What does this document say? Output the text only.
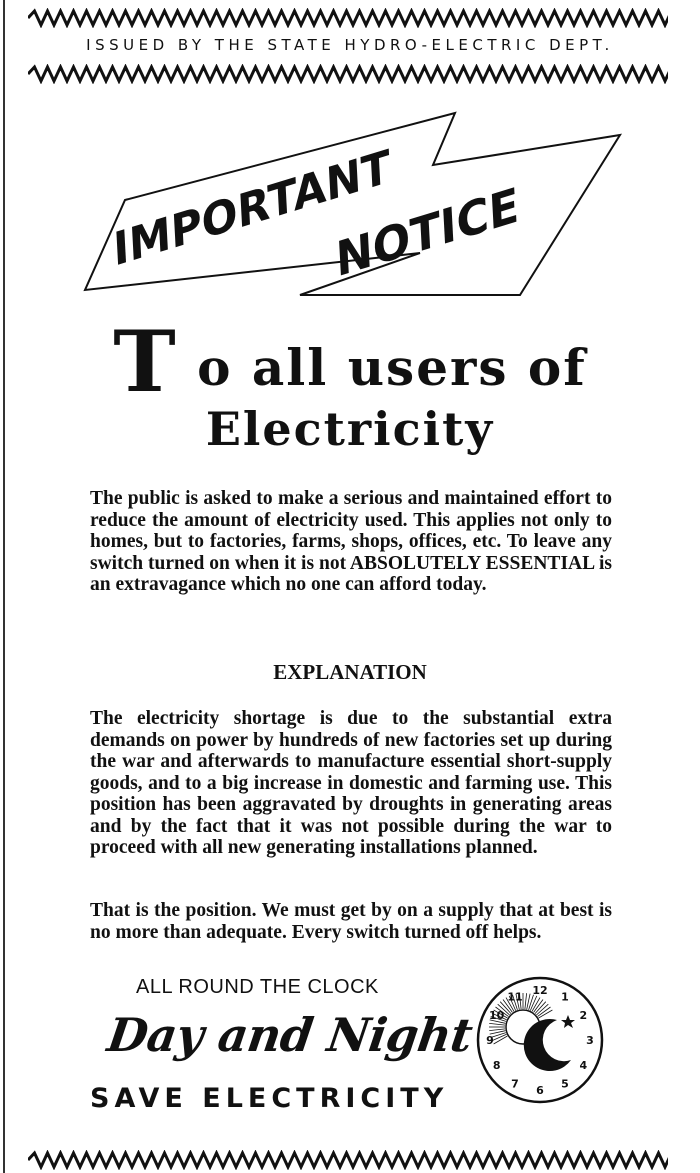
ISSUED BY THE STATE HYDRO-ELECTRIC DEPT.
IMPORTANT
NOTICE
T o all users of
Electricity
The public is asked to make a serious and maintained effort to reduce the amount of electricity used. This applies not only to homes, but to factories, farms, shops, offices, etc. To leave any switch turned on when it is not ABSOLUTELY ESSENTIAL is an extravagance which no one can afford today.
EXPLANATION
The electricity shortage is due to the substantial extra demands on power by hundreds of new factories set up during the war and afterwards to manufacture essential short-supply goods, and to a big increase in domestic and farming use. This position has been aggravated by droughts in generating areas and by the fact that it was not possible during the war to proceed with all new generating installations planned.
That is the position. We must get by on a supply that at best is no more than adequate. Every switch turned off helps.
ALL ROUND THE CLOCK
Day and Night
SAVE ELECTRICITY
12
1
2
3
4
5
6
7
8
9
10
11
